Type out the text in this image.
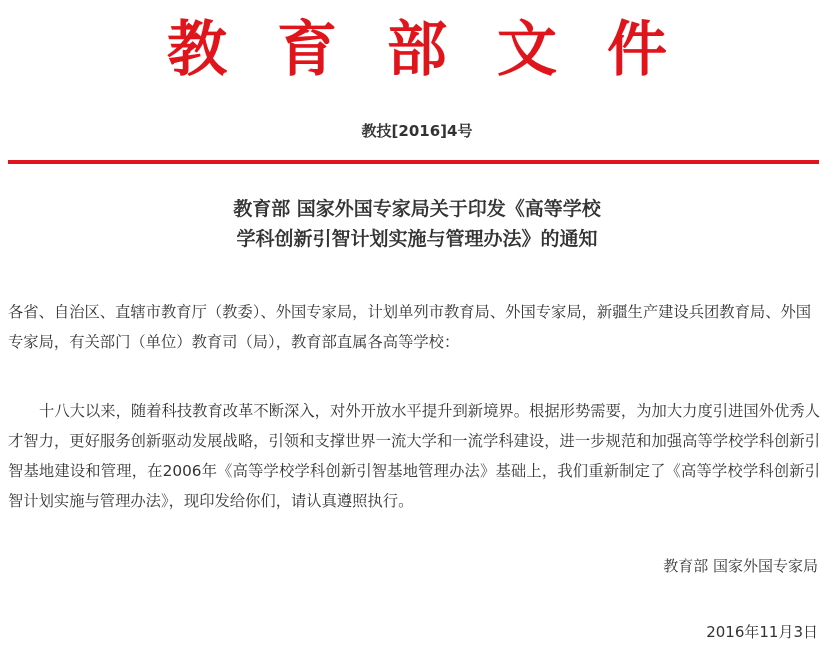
教育部文件
教技[2016]4号
教育部 国家外国专家局关于印发《高等学校
学科创新引智计划实施与管理办法》的通知
各省、自治区、直辖市教育厅（教委）、外国专家局，计划单列市教育局、外国专家局，新疆生产建设兵团教育局、外国专家局，有关部门（单位）教育司（局），教育部直属各高等学校：
十八大以来，随着科技教育改革不断深入，对外开放水平提升到新境界。根据形势需要，为加大力度引进国外优秀人才智力，更好服务创新驱动发展战略，引领和支撑世界一流大学和一流学科建设，进一步规范和加强高等学校学科创新引智基地建设和管理，在2006年《高等学校学科创新引智基地管理办法》基础上，我们重新制定了《高等学校学科创新引智计划实施与管理办法》，现印发给你们，请认真遵照执行。
教育部 国家外国专家局
2016年11月3日
